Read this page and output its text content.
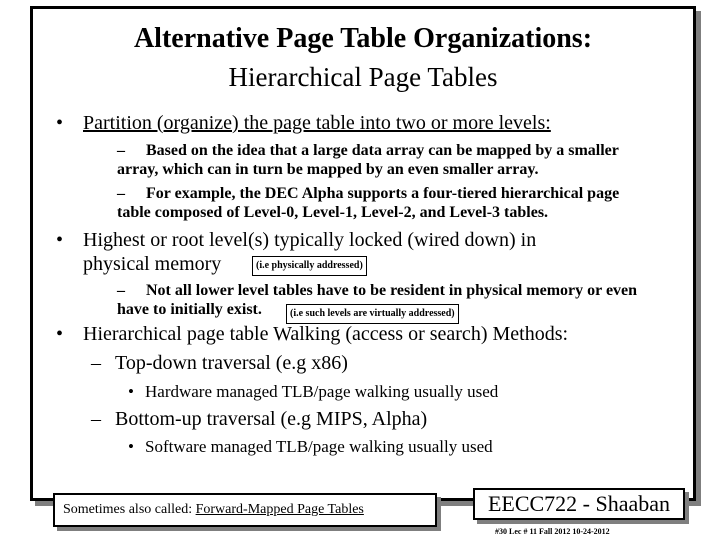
Alternative Page Table Organizations:
Hierarchical Page Tables
• Partition (organize) the page table into two or more levels:
– Based on the idea that a large data array can be mapped by a smaller
array, which can in turn be mapped by an even smaller array.
– For example, the DEC Alpha supports a four-tiered hierarchical page
table composed of Level-0, Level-1, Level-2, and Level-3 tables.
• Highest or root level(s) typically locked (wired down) in
physical memory	(i.e physically addressed)
– Not all lower level tables have to be resident in physical memory or even
have to initially exist.	(i.e such levels are virtually addressed)
• Hierarchical page table Walking (access or search) Methods:
– Top-down traversal (e.g x86)
• Hardware managed TLB/page walking usually used
– Bottom-up traversal (e.g MIPS, Alpha)
• Software managed TLB/page walking usually used
Sometimes also called: Forward-Mapped Page Tables	EECC722 - Shaaban
#30 Lec # 11 Fall 2012 10-24-2012
